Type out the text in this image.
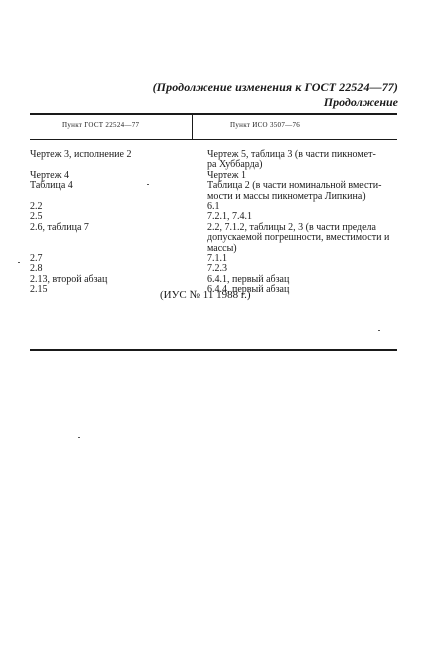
(Продолжение изменения к ГОСТ 22524—77)
Продолжение
Пункт ГОСТ 22524—77	Пункт ИСО 3507—76
Чертеж 3, исполнение 2	Чертеж 5, таблица 3 (в части пикномет-
ра Хуббарда)
Чертеж 4	Чертеж 1
Таблица 4	Таблица 2 (в части номинальной вмести-
мости и массы пикнометра Липкина)
2.2	6.1
2.5	7.2.1, 7.4.1
2.6, таблица 7	2.2, 7.1.2, таблицы 2, 3 (в части предела
допускаемой погрешности, вместимости и
массы)
2.7	7.1.1
2.8	7.2.3
2.13, второй абзац	6.4.1, первый абзац
2.15	6.4.4, первый абзац
(ИУС № 11 1988 г.)
